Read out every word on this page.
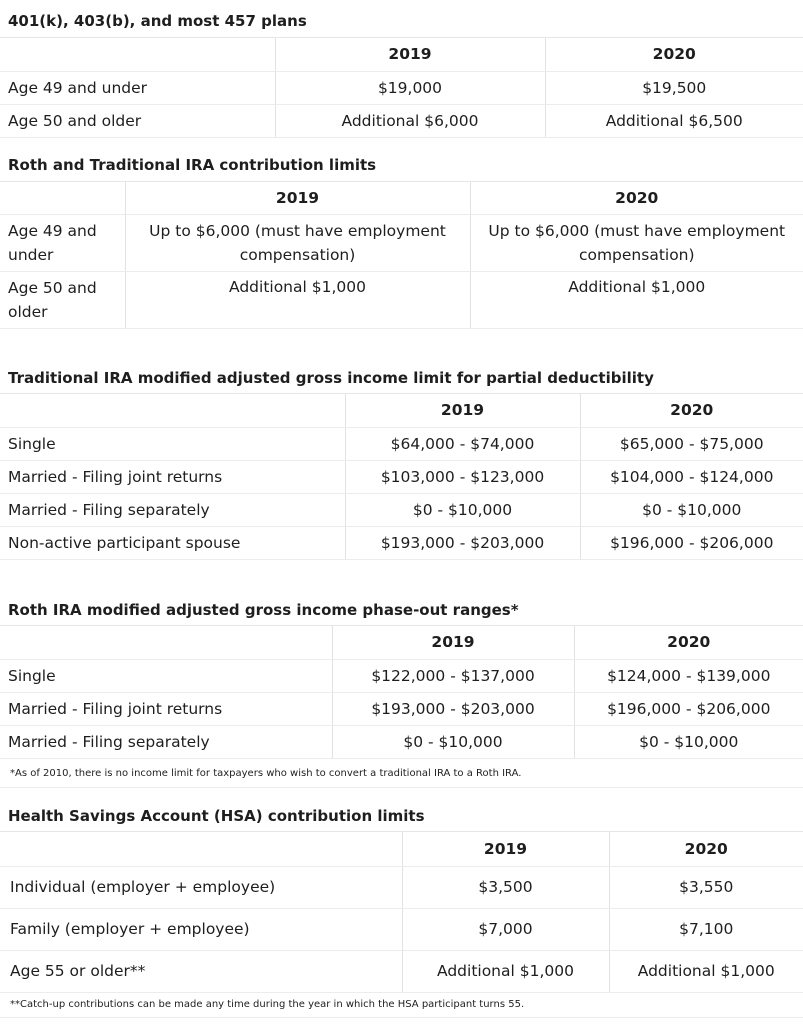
401(k), 403(b), and most 457 plans
	2019	2020
Age 49 and under	$19,000	$19,500
Age 50 and older	Additional $6,000	Additional $6,500
Roth and Traditional IRA contribution limits
	2019	2020
Age 49 and under	Up to $6,000 (must have employment compensation)	Up to $6,000 (must have employment compensation)
Age 50 and older	Additional $1,000	Additional $1,000
Traditional IRA modified adjusted gross income limit for partial deductibility
	2019	2020
Single	$64,000 - $74,000	$65,000 - $75,000
Married - Filing joint returns	$103,000 - $123,000	$104,000 - $124,000
Married - Filing separately	$0 - $10,000	$0 - $10,000
Non-active participant spouse	$193,000 - $203,000	$196,000 - $206,000
Roth IRA modified adjusted gross income phase-out ranges*
	2019	2020
Single	$122,000 - $137,000	$124,000 - $139,000
Married - Filing joint returns	$193,000 - $203,000	$196,000 - $206,000
Married - Filing separately	$0 - $10,000	$0 - $10,000
*As of 2010, there is no income limit for taxpayers who wish to convert a traditional IRA to a Roth IRA.
Health Savings Account (HSA) contribution limits
	2019	2020
Individual (employer + employee)	$3,500	$3,550
Family (employer + employee)	$7,000	$7,100
Age 55 or older**	Additional $1,000	Additional $1,000
**Catch-up contributions can be made any time during the year in which the HSA participant turns 55.
